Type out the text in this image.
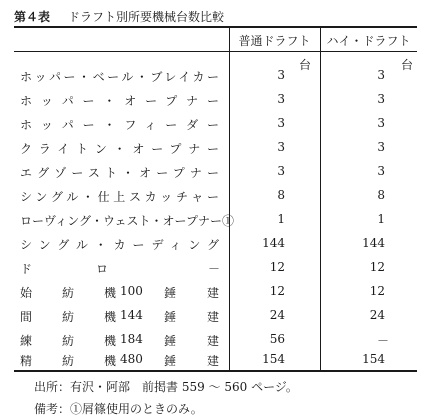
第４表 ドラフト別所要機械台数比較
普通ドラフト	ハイ・ドラフト
台	台
ホッパー・ベール・ブレイカー	3	3
ホッパー・オープナー	3	3
ホッパー・フィーダー	3	3
クライトン・オープナー	3	3
エグゾースト・オープナー	3	3
シングル・仕上スカッチャー	8	8
ローヴィング・ウェスト・オープナー①	1	1
シングル・カーディング	144	144
ド	ロ	－	12	12
始紡機 100	錘建	12	12
間紡機 144	錘建	24	24
練紡機 184	錘建	56	－
精紡機 480	錘建	154	154
出所：有沢・阿部　前掲書 559 ～ 560 ページ。
備考：①屑篠使用のときのみ。
